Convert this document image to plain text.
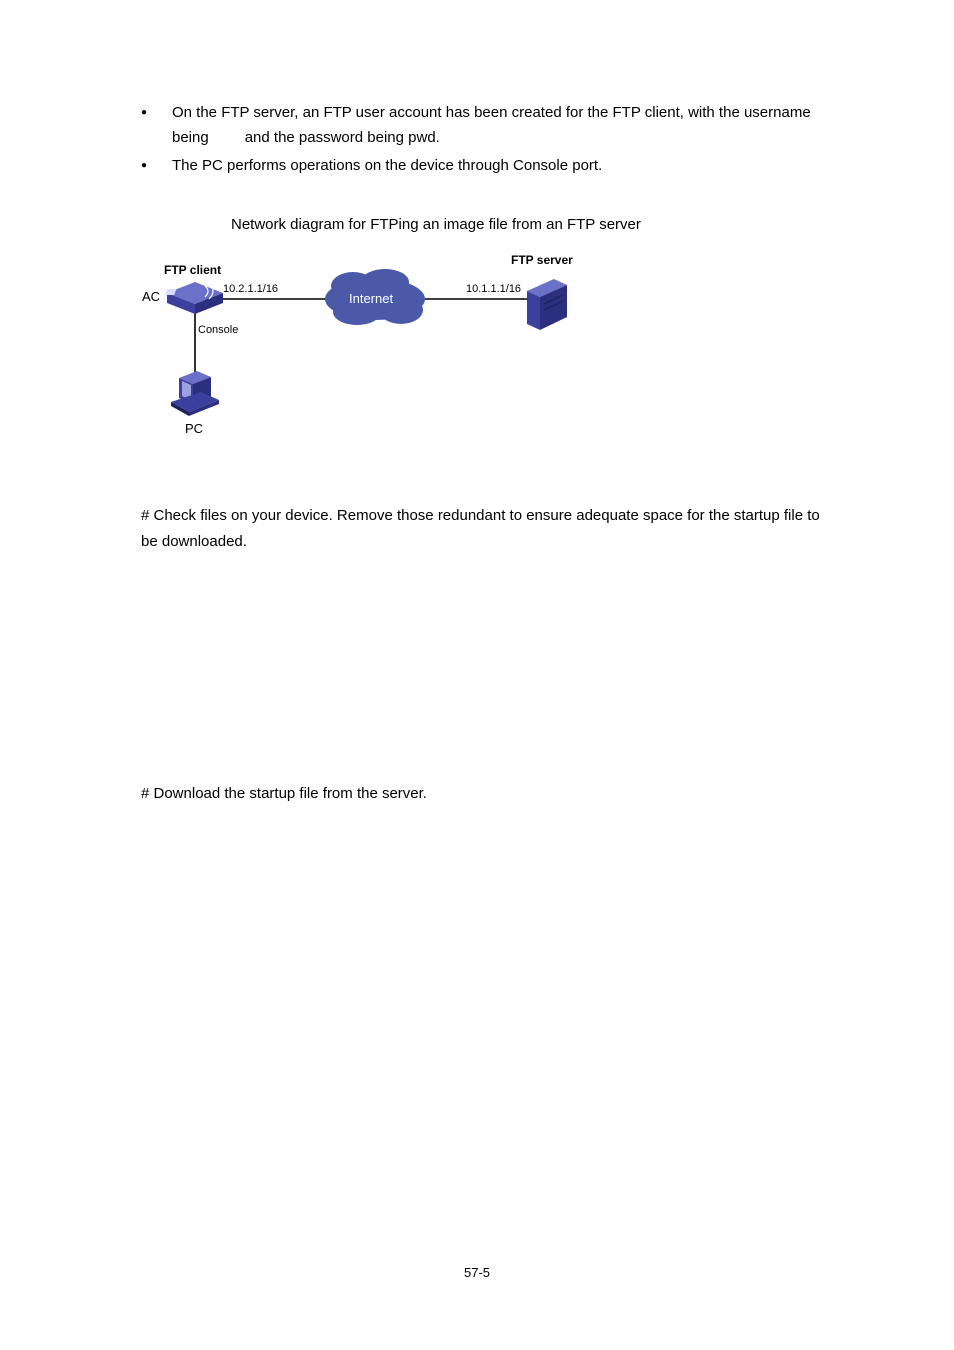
● On the FTP server, an FTP user account has been created for the FTP client, with the username
being and the password being pwd.
● The PC performs operations on the device through Console port.
Network diagram for FTPing an image file from an FTP server
FTP client
AC	10.2.1.1/16
Console
Internet
10.1.1.1/16
FTP server
PC
# Check files on your device. Remove those redundant to ensure adequate space for the startup file to
be downloaded.
# Download the startup file from the server.
57-5
